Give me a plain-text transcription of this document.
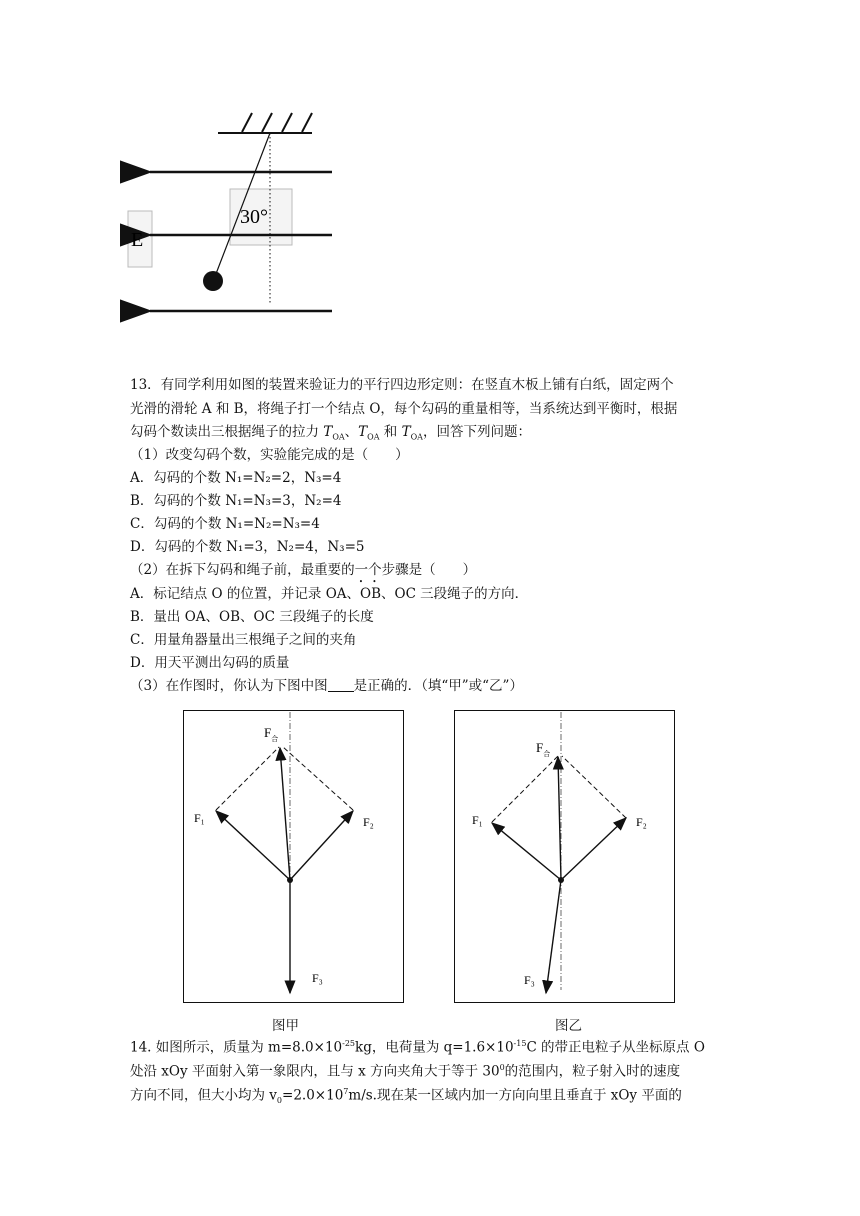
30°
E
13．有同学利用如图的装置来验证力的平行四边形定则：在竖直木板上铺有白纸，固定两个
光滑的滑轮 A 和 B，将绳子打一个结点 O，每个勾码的重量相等，当系统达到平衡时，根据
勾码个数读出三根据绳子的拉力 $T_{OA}$、$T_{OA}$ 和 $T_{OA}$，回答下列问题：
（1）改变勾码个数，实验能完成的是（　　）
A．勾码的个数 N₁=N₂=2，N₃=4
B．勾码的个数 N₁=N₃=3，N₂=4
C．勾码的个数 N₁=N₂=N₃=4
D．勾码的个数 N₁=3，N₂=4，N₃=5
（2）在拆下勾码和绳子前，最重要的一个步骤是（　　）
A．标记结点 O 的位置，并记录 OA、OB、OC 三段绳子的方向．
B．量出 OA、OB、OC 三段绳子的长度
C．用量角器量出三根绳子之间的夹角
D．用天平测出勾码的质量
（3）在作图时，你认为下图中图 是正确的．（填“甲”或“乙”）
$F_合$
F₁	F₂
F₃
$F_合$
F₁	F₂
F₃
图甲	图乙
14. 如图所示，质量为 $m=8.0\times 10^{-25}kg$，电荷量为 $q=1.6\times 10^{-15}C$ 的带正电粒子从坐标原点 O
处沿 xOy 平面射入第一象限内，且与 x 方向夹角大于等于 $30^0$的范围内，粒子射入时的速度
方向不同，但大小均为 $v_0=2.0\times 10^7m/s$.现在某一区域内加一方向向里且垂直于 xOy 平面的
